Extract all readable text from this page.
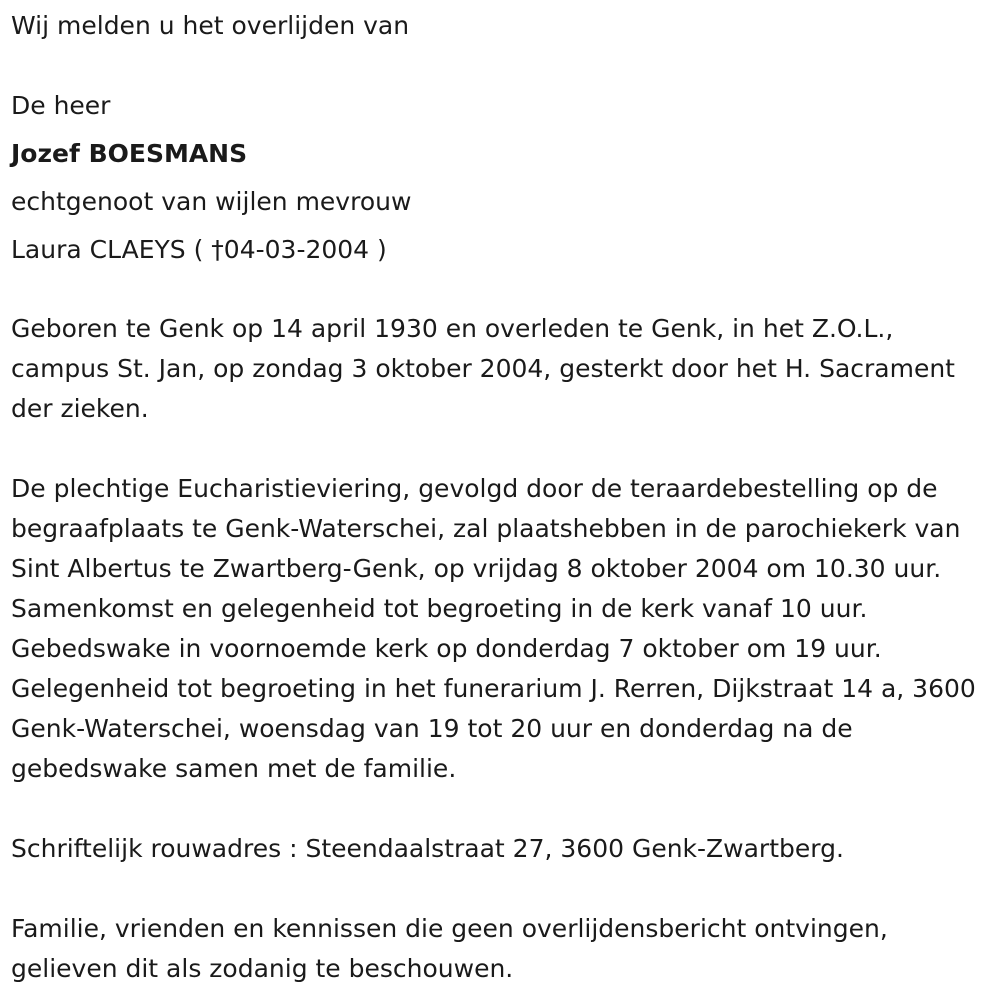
Wij melden u het overlijden van
De heer
Jozef BOESMANS
echtgenoot van wijlen mevrouw
Laura CLAEYS ( †04-03-2004 )
Geboren te Genk op 14 april 1930 en overleden te Genk, in het Z.O.L., campus St. Jan, op zondag 3 oktober 2004, gesterkt door het H. Sacrament der zieken.
De plechtige Eucharistieviering, gevolgd door de teraardebestelling op de begraafplaats te Genk-Waterschei, zal plaatshebben in de parochiekerk van Sint Albertus te Zwartberg-Genk, op vrijdag 8 oktober 2004 om 10.30 uur. Samenkomst en gelegenheid tot begroeting in de kerk vanaf 10 uur. Gebedswake in voornoemde kerk op donderdag 7 oktober om 19 uur. Gelegenheid tot begroeting in het funerarium J. Rerren, Dijkstraat 14 a, 3600 Genk-Waterschei, woensdag van 19 tot 20 uur en donderdag na de gebedswake samen met de familie.
Schriftelijk rouwadres : Steendaalstraat 27, 3600 Genk-Zwartberg.
Familie, vrienden en kennissen die geen overlijdensbericht ontvingen, gelieven dit als zodanig te beschouwen.
